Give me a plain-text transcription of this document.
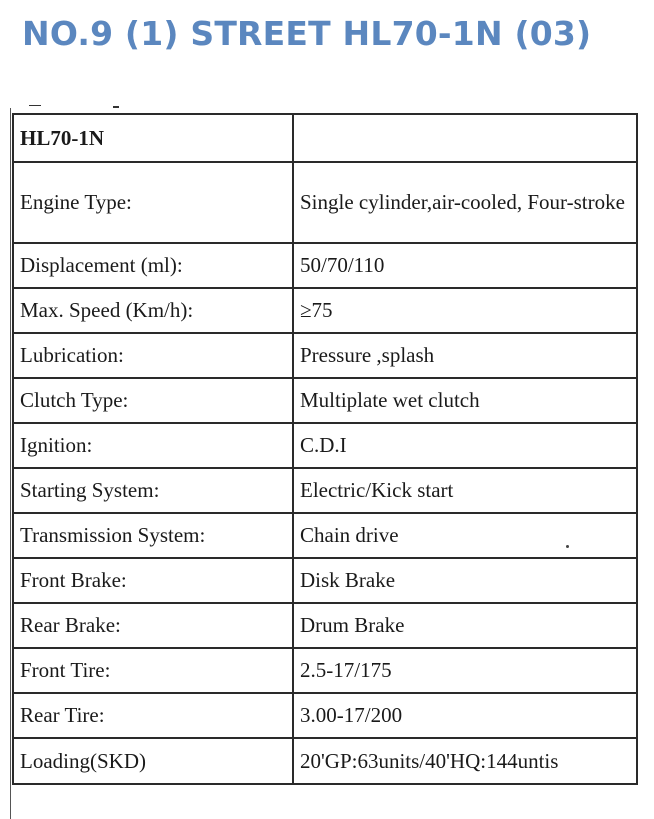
NO.9 (1) STREET HL70-1N (03)
HL70-1N	
Engine Type:	Single cylinder,air-cooled, Four-stroke
Displacement (ml):	50/70/110
Max. Speed (Km/h):	≥75
Lubrication:	Pressure ,splash
Clutch Type:	Multiplate wet clutch
Ignition:	C.D.I
Starting System:	Electric/Kick start
Transmission System:	Chain drive
Front Brake:	Disk Brake
Rear Brake:	Drum Brake
Front Tire:	2.5-17/175
Rear Tire:	3.00-17/200
Loading(SKD)	20'GP:63units/40'HQ:144untis
